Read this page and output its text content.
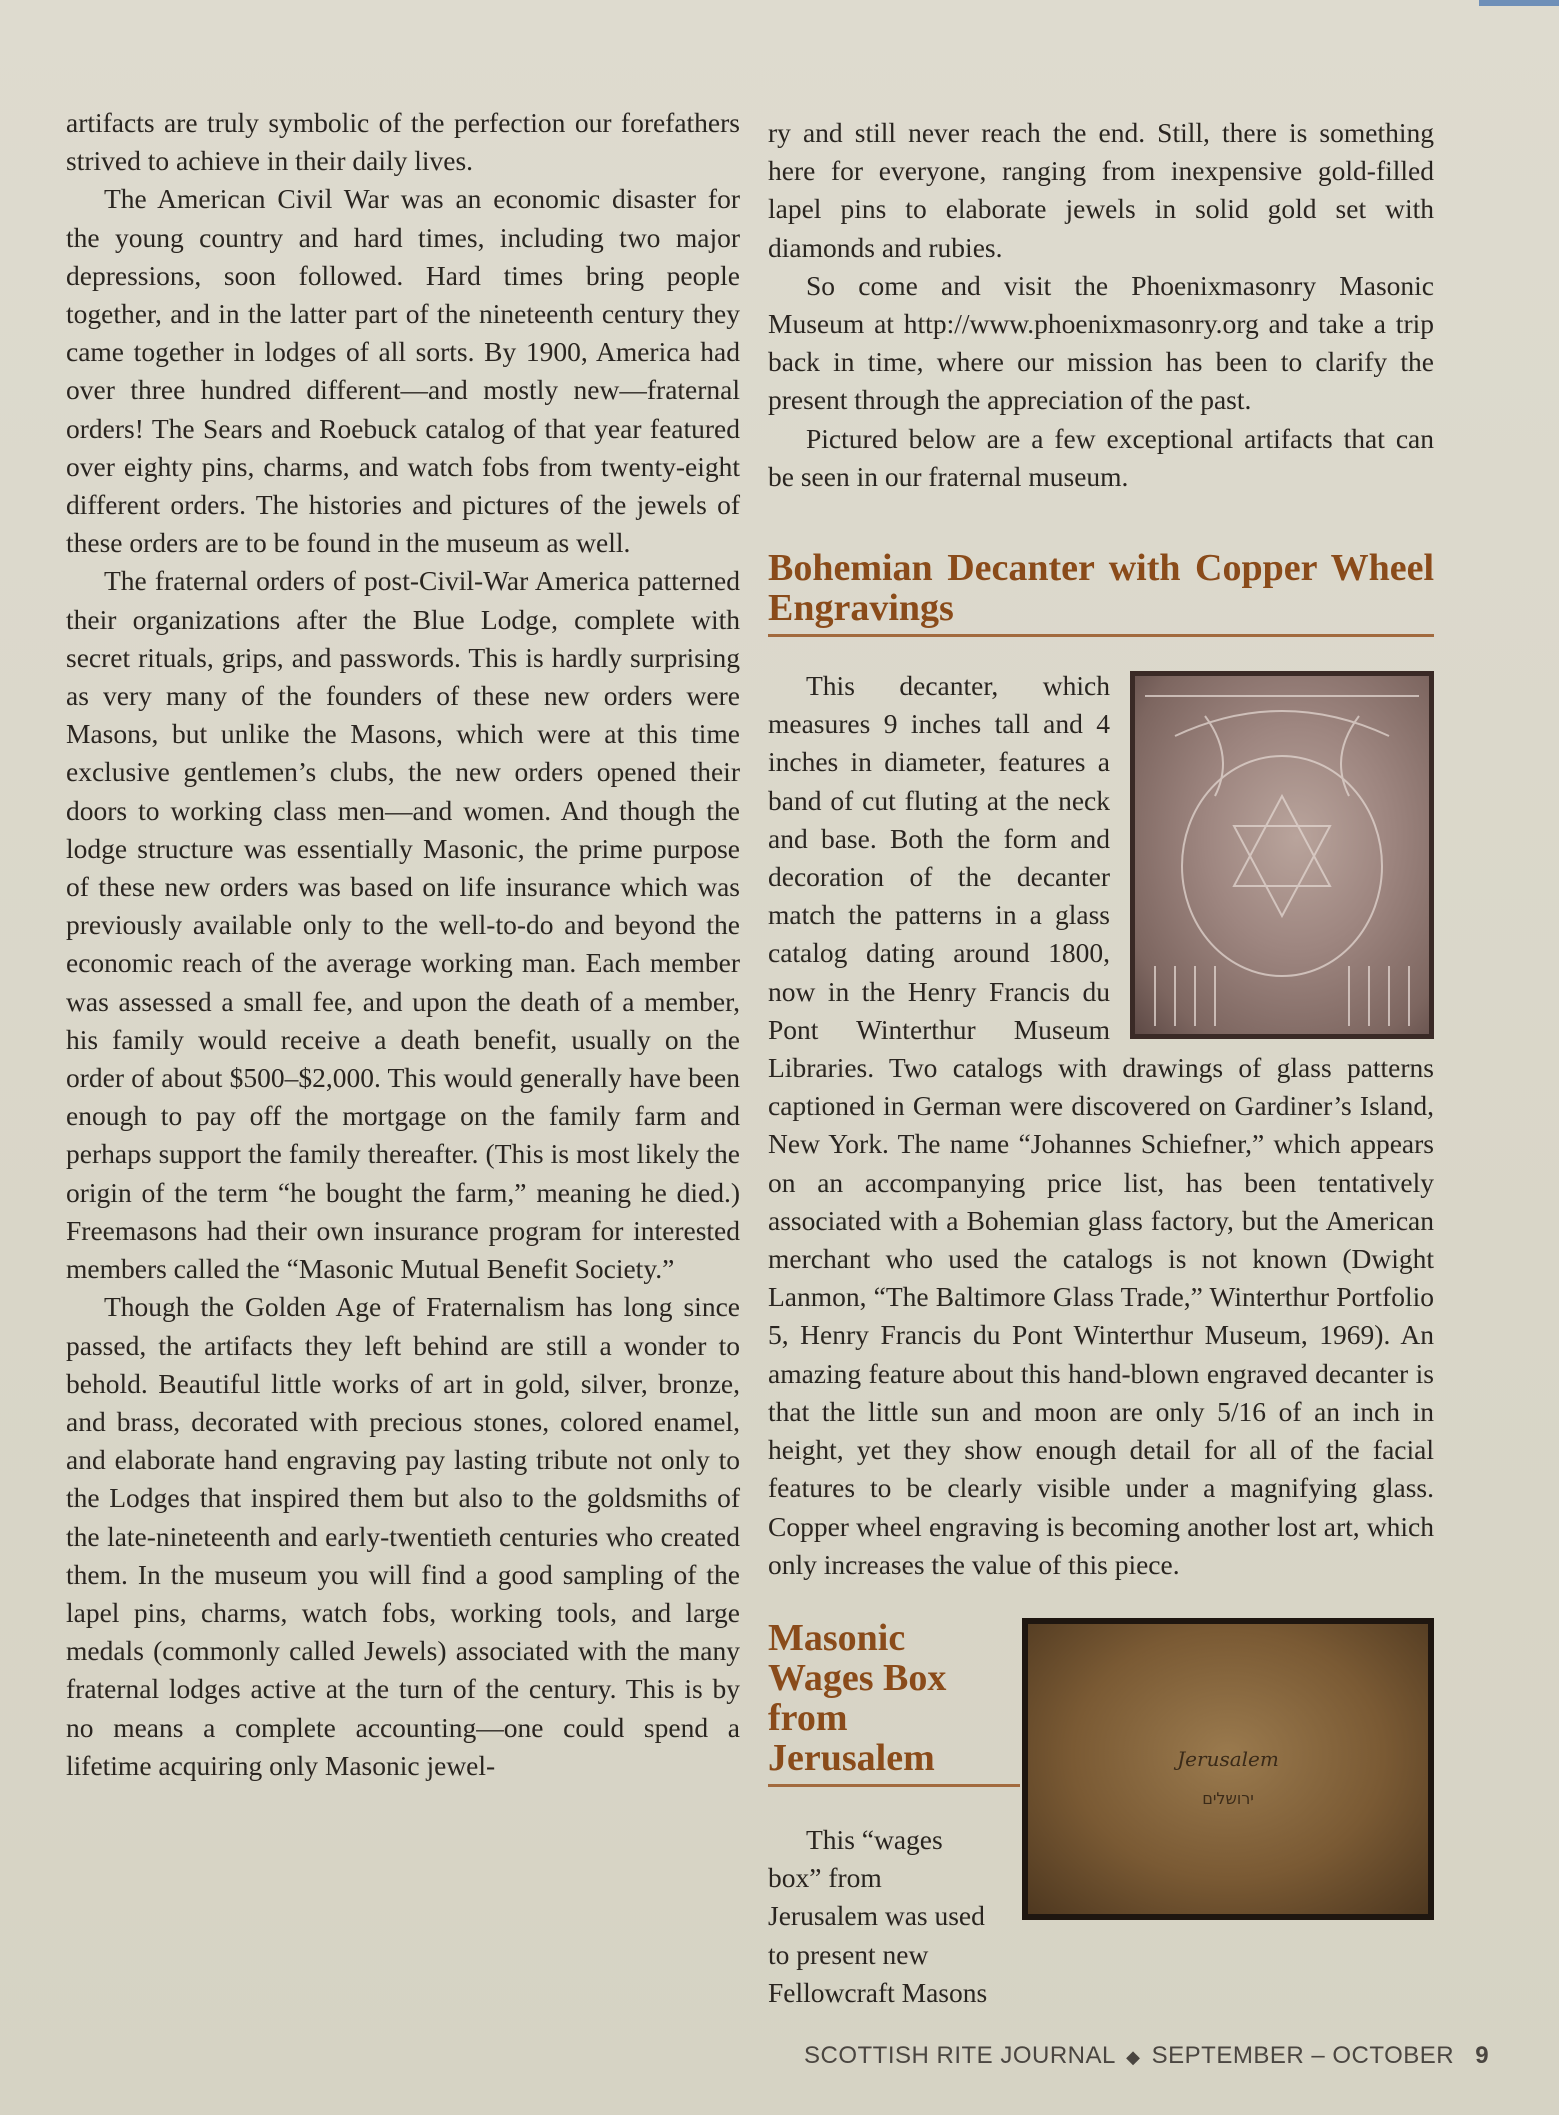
artifacts are truly symbolic of the perfection our forefathers strived to achieve in their daily lives.

The American Civil War was an economic disaster for the young country and hard times, including two major depressions, soon followed. Hard times bring people together, and in the latter part of the nineteenth century they came together in lodges of all sorts. By 1900, America had over three hundred different—and mostly new—fraternal orders! The Sears and Roebuck catalog of that year featured over eighty pins, charms, and watch fobs from twenty-eight different orders. The histories and pictures of the jewels of these orders are to be found in the museum as well.

The fraternal orders of post-Civil-War America patterned their organizations after the Blue Lodge, complete with secret rituals, grips, and passwords. This is hardly surprising as very many of the founders of these new orders were Masons, but unlike the Masons, which were at this time exclusive gentlemen’s clubs, the new orders opened their doors to working class men—and women. And though the lodge structure was essentially Masonic, the prime purpose of these new orders was based on life insurance which was previously available only to the well-to-do and beyond the economic reach of the average working man. Each member was assessed a small fee, and upon the death of a member, his family would receive a death benefit, usually on the order of about $500–$2,000. This would generally have been enough to pay off the mortgage on the family farm and perhaps support the family thereafter. (This is most likely the origin of the term “he bought the farm,” meaning he died.) Freemasons had their own insurance program for interested members called the “Masonic Mutual Benefit Society.”

Though the Golden Age of Fraternalism has long since passed, the artifacts they left behind are still a wonder to behold. Beautiful little works of art in gold, silver, bronze, and brass, decorated with precious stones, colored enamel, and elaborate hand engraving pay lasting tribute not only to the Lodges that inspired them but also to the goldsmiths of the late-nineteenth and early-twentieth centuries who created them. In the museum you will find a good sampling of the lapel pins, charms, watch fobs, working tools, and large medals (commonly called Jewels) associated with the many fraternal lodges active at the turn of the century. This is by no means a complete accounting—one could spend a lifetime acquiring only Masonic jewel-

ry and still never reach the end. Still, there is something here for everyone, ranging from inexpensive gold-filled lapel pins to elaborate jewels in solid gold set with diamonds and rubies.

So come and visit the Phoenixmasonry Masonic Museum at http://www.phoenixmasonry.org and take a trip back in time, where our mission has been to clarify the present through the appreciation of the past.

Pictured below are a few exceptional artifacts that can be seen in our fraternal museum.

Bohemian Decanter with Copper Wheel Engravings

This decanter, which measures 9 inches tall and 4 inches in diameter, features a band of cut fluting at the neck and base. Both the form and decoration of the decanter match the patterns in a glass catalog dating around 1800, now in the Henry Francis du Pont Winterthur Museum Libraries. Two catalogs with drawings of glass patterns captioned in German were discovered on Gardiner’s Island, New York. The name “Johannes Schiefner,” which appears on an accompanying price list, has been tentatively associated with a Bohemian glass factory, but the American merchant who used the catalogs is not known (Dwight Lanmon, “The Baltimore Glass Trade,” Winterthur Portfolio 5, Henry Francis du Pont Winterthur Museum, 1969). An amazing feature about this hand-blown engraved decanter is that the little sun and moon are only 5/16 of an inch in height, yet they show enough detail for all of the facial features to be clearly visible under a magnifying glass. Copper wheel engraving is becoming another lost art, which only increases the value of this piece.

Jerusalem
ירושלים
Masonic Wages Box from Jerusalem

This “wages box” from Jerusalem was used to present new Fellowcraft Masons

SCOTTISH RITE JOURNAL ◆ SEPTEMBER – OCTOBER 9
